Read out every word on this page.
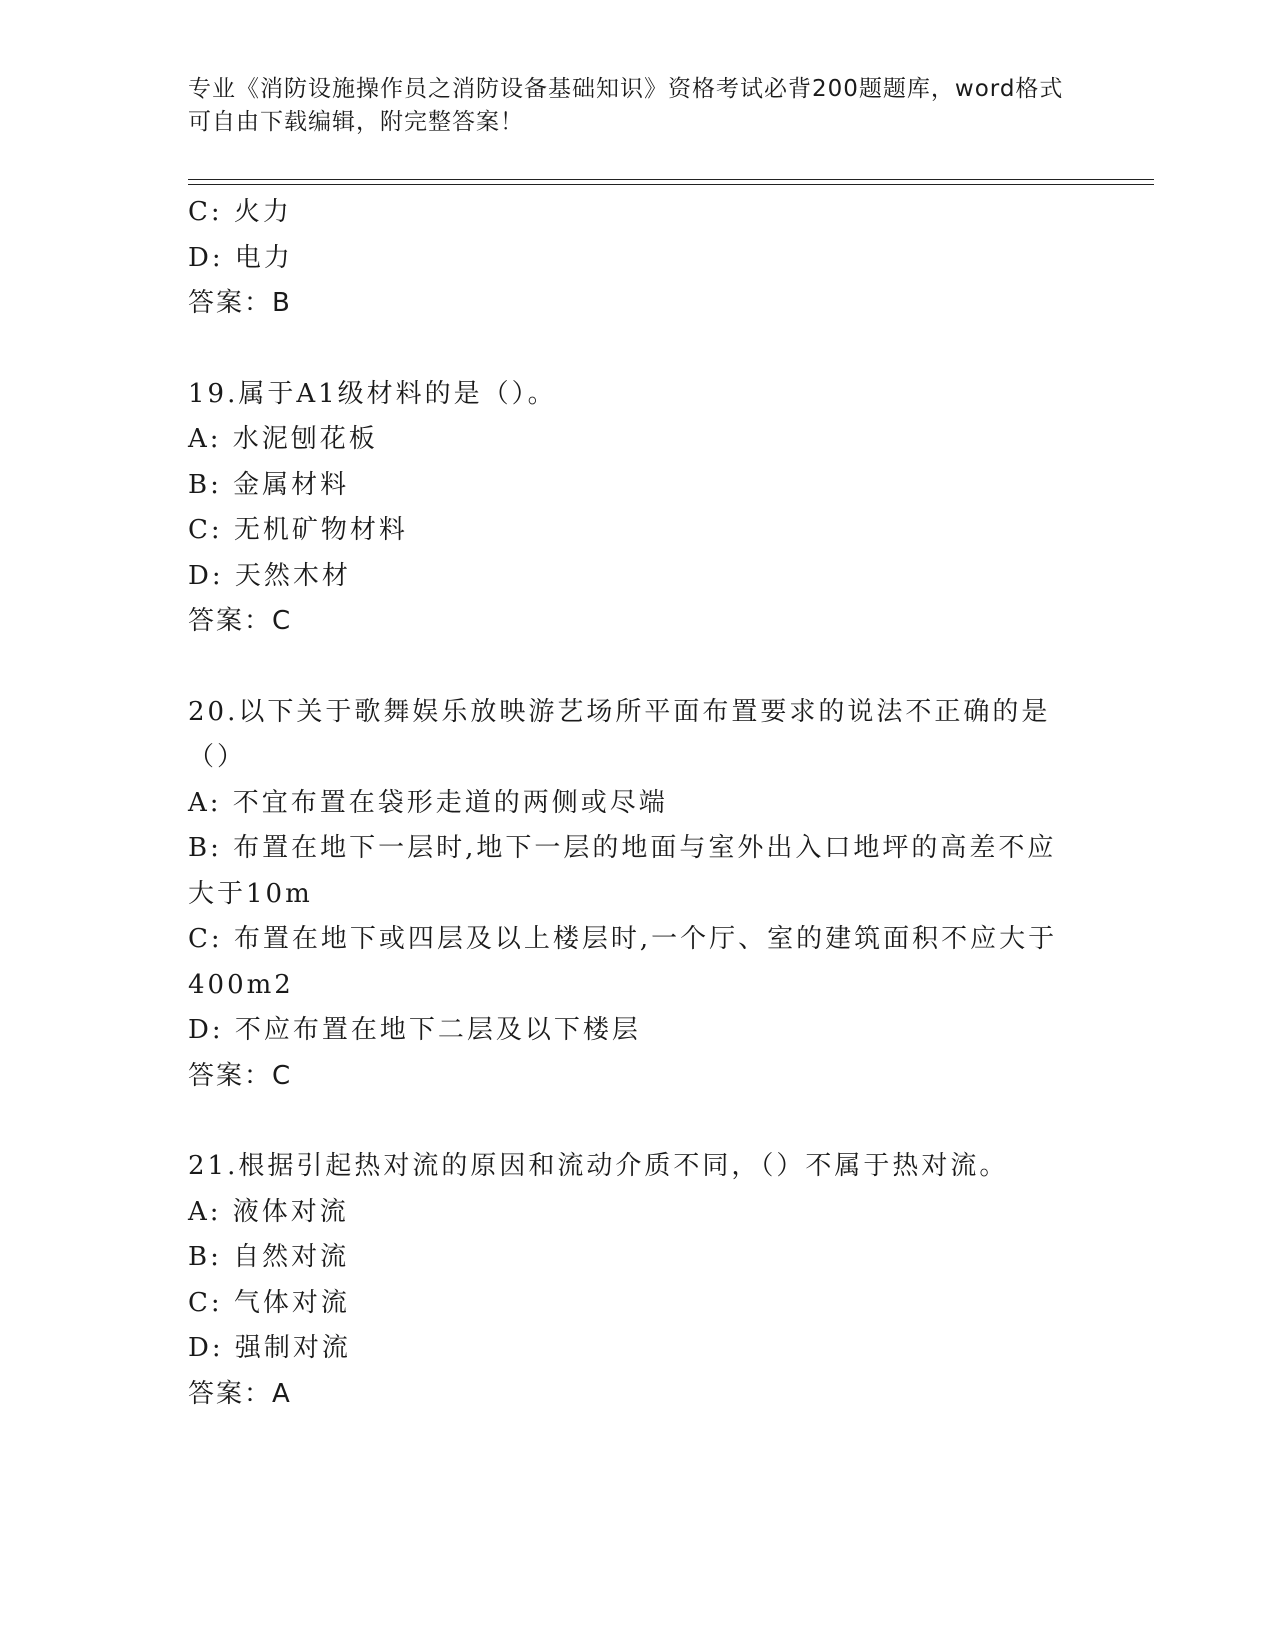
专业《消防设施操作员之消防设备基础知识》资格考试必背200题题库，word格式可自由下载编辑，附完整答案！
C: 火力
D: 电力
答案：B
19.属于A1级材料的是（）。
A: 水泥刨花板
B: 金属材料
C: 无机矿物材料
D: 天然木材
答案：C
20.以下关于歌舞娱乐放映游艺场所平面布置要求的说法不正确的是（）
A: 不宜布置在袋形走道的两侧或尽端
B: 布置在地下一层时,地下一层的地面与室外出入口地坪的高差不应大于10m
C: 布置在地下或四层及以上楼层时,一个厅、室的建筑面积不应大于400m2
D: 不应布置在地下二层及以下楼层
答案：C
21.根据引起热对流的原因和流动介质不同，（）不属于热对流。
A: 液体对流
B: 自然对流
C: 气体对流
D: 强制对流
答案：A
